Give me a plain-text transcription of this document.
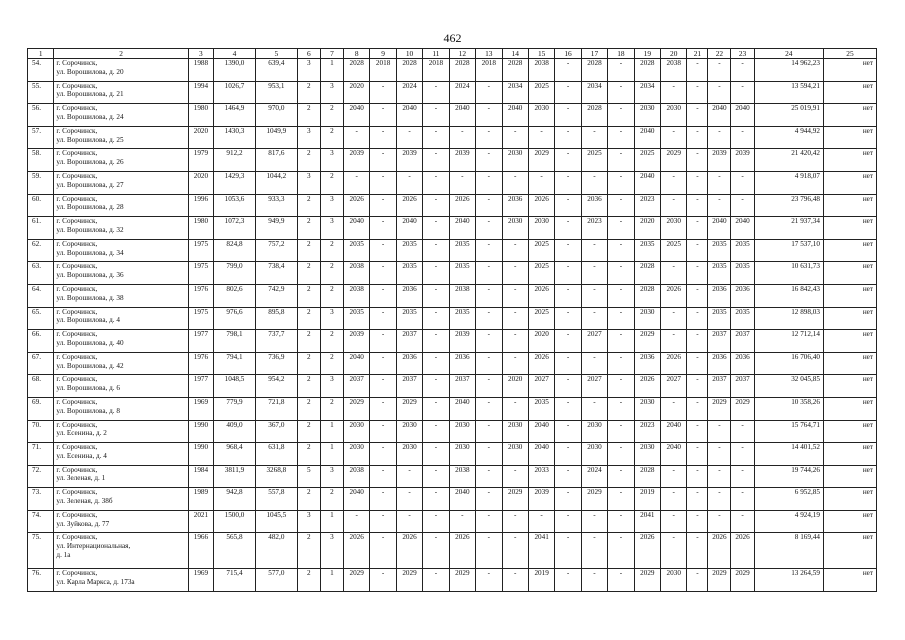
462
1	2	3	4	5	6	7	8	9	10	11	12	13	14	15	16	17	18	19	20	21	22	23	24	25
54.	г. Сорочинск,
ул. Ворошилова, д. 20	1988	1390,0	639,4	3	1	2028	2018	2028	2018	2028	2018	2028	2038	-	2028	-	2028	2038	-	-	-	14 962,23	нет
55.	г. Сорочинск,
ул. Ворошилова, д. 21	1994	1026,7	953,1	2	3	2020	-	2024	-	2024	-	2034	2025	-	2034	-	2034	-	-	-	-	13 594,21	нет
56.	г. Сорочинск,
ул. Ворошилова, д. 24	1980	1464,9	970,0	2	2	2040	-	2040	-	2040	-	2040	2030	-	2028	-	2030	2030	-	2040	2040	25 019,91	нет
57.	г. Сорочинск,
ул. Ворошилова, д. 25	2020	1430,3	1049,9	3	2	-	-	-	-	-	-	-	-	-	-	-	2040	-	-	-	-	4 944,92	нет
58.	г. Сорочинск,
ул. Ворошилова, д. 26	1979	912,2	817,6	2	3	2039	-	2039	-	2039	-	2030	2029	-	2025	-	2025	2029	-	2039	2039	21 420,42	нет
59.	г. Сорочинск,
ул. Ворошилова, д. 27	2020	1429,3	1044,2	3	2	-	-	-	-	-	-	-	-	-	-	-	2040	-	-	-	-	4 918,07	нет
60.	г. Сорочинск,
ул. Ворошилова, д. 28	1996	1053,6	933,3	2	3	2026	-	2026	-	2026	-	2036	2026	-	2036	-	2023	-	-	-	-	23 796,48	нет
61.	г. Сорочинск,
ул. Ворошилова, д. 32	1980	1072,3	949,9	2	3	2040	-	2040	-	2040	-	2030	2030	-	2023	-	2020	2030	-	2040	2040	21 937,34	нет
62.	г. Сорочинск,
ул. Ворошилова, д. 34	1975	824,8	757,2	2	2	2035	-	2035	-	2035	-	-	2025	-	-	-	2035	2025	-	2035	2035	17 537,10	нет
63.	г. Сорочинск,
ул. Ворошилова, д. 36	1975	799,0	738,4	2	2	2038	-	2035	-	2035	-	-	2025	-	-	-	2028	-	-	2035	2035	10 631,73	нет
64.	г. Сорочинск,
ул. Ворошилова, д. 38	1976	802,6	742,9	2	2	2038	-	2036	-	2038	-	-	2026	-	-	-	2028	2026	-	2036	2036	16 842,43	нет
65.	г. Сорочинск,
ул. Ворошилова, д. 4	1975	976,6	895,8	2	3	2035	-	2035	-	2035	-	-	2025	-	-	-	2030	-	-	2035	2035	12 898,03	нет
66.	г. Сорочинск,
ул. Ворошилова, д. 40	1977	798,1	737,7	2	2	2039	-	2037	-	2039	-	-	2020	-	2027	-	2029	-	-	2037	2037	12 712,14	нет
67.	г. Сорочинск,
ул. Ворошилова, д. 42	1976	794,1	736,9	2	2	2040	-	2036	-	2036	-	-	2026	-	-	-	2036	2026	-	2036	2036	16 706,40	нет
68.	г. Сорочинск,
ул. Ворошилова, д. 6	1977	1048,5	954,2	2	3	2037	-	2037	-	2037	-	2020	2027	-	2027	-	2026	2027	-	2037	2037	32 045,85	нет
69.	г. Сорочинск,
ул. Ворошилова, д. 8	1969	779,9	721,8	2	2	2029	-	2029	-	2040	-	-	2035	-	-	-	2030	-	-	2029	2029	10 358,26	нет
70.	г. Сорочинск,
ул. Есенина, д. 2	1990	409,0	367,0	2	1	2030	-	2030	-	2030	-	2030	2040	-	2030	-	2023	2040	-	-	-	15 764,71	нет
71.	г. Сорочинск,
ул. Есенина, д. 4	1990	968,4	631,8	2	1	2030	-	2030	-	2030	-	2030	2040	-	2030	-	2030	2040	-	-	-	14 401,52	нет
72.	г. Сорочинск,
ул. Зеленая, д. 1	1984	3811,9	3268,8	5	3	2038	-	-	-	2038	-	-	2033	-	2024	-	2028	-	-	-	-	19 744,26	нет
73.	г. Сорочинск,
ул. Зеленая, д. 38б	1989	942,8	557,8	2	2	2040	-	-	-	2040	-	2029	2039	-	2029	-	2019	-	-	-	-	6 952,85	нет
74.	г. Сорочинск,
ул. Зуйкова, д. 77	2021	1500,0	1045,5	3	1	-	-	-	-	-	-	-	-	-	-	-	2041	-	-	-	-	4 924,19	нет
75.	г. Сорочинск,
ул. Интернациональная,
д. 1а	1966	565,8	482,0	2	3	2026	-	2026	-	2026	-	-	2041	-	-	-	2026	-	-	2026	2026	8 169,44	нет
76.	г. Сорочинск,
ул. Карла Маркса, д. 173а	1969	715,4	577,0	2	1	2029	-	2029	-	2029	-	-	2019	-	-	-	2029	2030	-	2029	2029	13 264,59	нет
